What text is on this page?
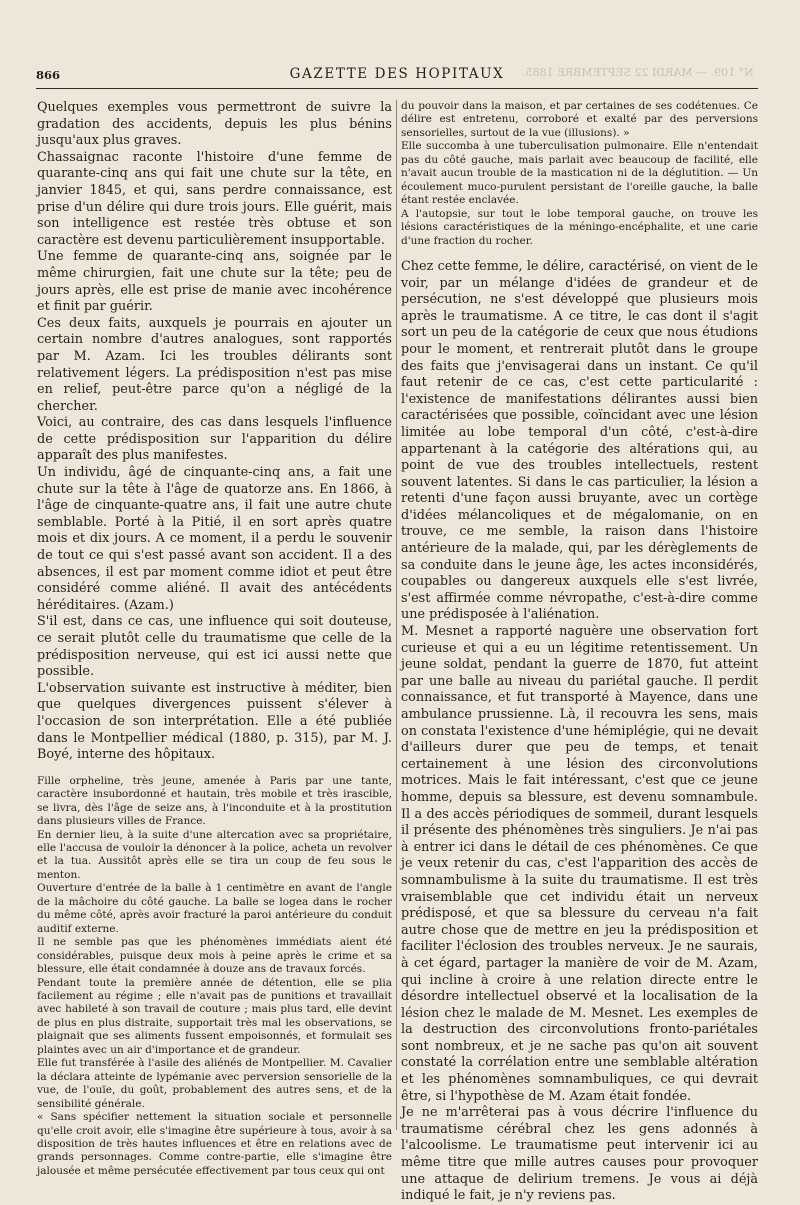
866	GAZETTE DES HOPITAUX	N° 109. — MARDI 22 SEPTEMBRE 1885.

Quelques exemples vous permettront de suivre la gradation des accidents, depuis les plus bénins jusqu'aux plus graves.

Chassaignac raconte l'histoire d'une femme de quarante-cinq ans qui fait une chute sur la tête, en janvier 1845, et qui, sans perdre connaissance, est prise d'un délire qui dure trois jours. Elle guérit, mais son intelligence est restée très obtuse et son caractère est devenu particulièrement insupportable.

Une femme de quarante-cinq ans, soignée par le même chirurgien, fait une chute sur la tête; peu de jours après, elle est prise de manie avec incohérence et finit par guérir.

Ces deux faits, auxquels je pourrais en ajouter un certain nombre d'autres analogues, sont rapportés par M. Azam. Ici les troubles délirants sont relativement légers. La prédisposition n'est pas mise en relief, peut-être parce qu'on a négligé de la chercher.

Voici, au contraire, des cas dans lesquels l'influence de cette prédisposition sur l'apparition du délire apparaît des plus manifestes.

Un individu, âgé de cinquante-cinq ans, a fait une chute sur la tête à l'âge de quatorze ans. En 1866, à l'âge de cinquante-quatre ans, il fait une autre chute semblable. Porté à la Pitié, il en sort après quatre mois et dix jours. A ce moment, il a perdu le souvenir de tout ce qui s'est passé avant son accident. Il a des absences, il est par moment comme idiot et peut être considéré comme aliéné. Il avait des antécédents héréditaires. (Azam.)

S'il est, dans ce cas, une influence qui soit douteuse, ce serait plutôt celle du traumatisme que celle de la prédisposition nerveuse, qui est ici aussi nette que possible.

L'observation suivante est instructive à méditer, bien que quelques divergences puissent s'élever à l'occasion de son interprétation. Elle a été publiée dans le Montpellier médical (1880, p. 315), par M. J. Boyé, interne des hôpitaux.

Fille orpheline, très jeune, amenée à Paris par une tante, caractère insubordonné et hautain, très mobile et très irascible, se livra, dès l'âge de seize ans, à l'inconduite et à la prostitution dans plusieurs villes de France.

En dernier lieu, à la suite d'une altercation avec sa propriétaire, elle l'accusa de vouloir la dénoncer à la police, acheta un revolver et la tua. Aussitôt après elle se tira un coup de feu sous le menton.

Ouverture d'entrée de la balle à 1 centimètre en avant de l'angle de la mâchoire du côté gauche. La balle se logea dans le rocher du même côté, après avoir fracturé la paroi antérieure du conduit auditif externe.

Il ne semble pas que les phénomènes immédiats aient été considérables, puisque deux mois à peine après le crime et sa blessure, elle était condamnée à douze ans de travaux forcés.

Pendant toute la première année de détention, elle se plia facilement au régime ; elle n'avait pas de punitions et travaillait avec habileté à son travail de couture ; mais plus tard, elle devint de plus en plus distraite, supportait très mal les observations, se plaignait que ses aliments fussent empoisonnés, et formulait ses plaintes avec un air d'importance et de grandeur.

Elle fut transférée à l'asile des aliénés de Montpellier. M. Cavalier la déclara atteinte de lypémanie avec perversion sensorielle de la vue, de l'ouïe, du goût, probablement des autres sens, et de la sensibilité générale.

« Sans spécifier nettement la situation sociale et personnelle qu'elle croit avoir, elle s'imagine être supérieure à tous, avoir à sa disposition de très hautes influences et être en relations avec de grands personnages. Comme contre-partie, elle s'imagine être jalousée et même persécutée effectivement par tous ceux qui ont

du pouvoir dans la maison, et par certaines de ses codétenues. Ce délire est entretenu, corroboré et exalté par des perversions sensorielles, surtout de la vue (illusions). »

Elle succomba à une tuberculisation pulmonaire. Elle n'entendait pas du côté gauche, mais parlait avec beaucoup de facilité, elle n'avait aucun trouble de la mastication ni de la déglutition. — Un écoulement muco-purulent persistant de l'oreille gauche, la balle étant restée enclavée.

A l'autopsie, sur tout le lobe temporal gauche, on trouve les lésions caractéristiques de la méningo-encéphalite, et une carie d'une fraction du rocher.

Chez cette femme, le délire, caractérisé, on vient de le voir, par un mélange d'idées de grandeur et de persécution, ne s'est développé que plusieurs mois après le traumatisme. A ce titre, le cas dont il s'agit sort un peu de la catégorie de ceux que nous étudions pour le moment, et rentrerait plutôt dans le groupe des faits que j'envisagerai dans un instant. Ce qu'il faut retenir de ce cas, c'est cette particularité : l'existence de manifestations délirantes aussi bien caractérisées que possible, coïncidant avec une lésion limitée au lobe temporal d'un côté, c'est-à-dire appartenant à la catégorie des altérations qui, au point de vue des troubles intellectuels, restent souvent latentes. Si dans le cas particulier, la lésion a retenti d'une façon aussi bruyante, avec un cortège d'idées mélancoliques et de mégalomanie, on en trouve, ce me semble, la raison dans l'histoire antérieure de la malade, qui, par les dérèglements de sa conduite dans le jeune âge, les actes inconsidérés, coupables ou dangereux auxquels elle s'est livrée, s'est affirmée comme névropathe, c'est-à-dire comme une prédisposée à l'aliénation.

M. Mesnet a rapporté naguère une observation fort curieuse et qui a eu un légitime retentissement. Un jeune soldat, pendant la guerre de 1870, fut atteint par une balle au niveau du pariétal gauche. Il perdit connaissance, et fut transporté à Mayence, dans une ambulance prussienne. Là, il recouvra les sens, mais on constata l'existence d'une hémiplégie, qui ne devait d'ailleurs durer que peu de temps, et tenait certainement à une lésion des circonvolutions motrices. Mais le fait intéressant, c'est que ce jeune homme, depuis sa blessure, est devenu somnambule. Il a des accès périodiques de sommeil, durant lesquels il présente des phénomènes très singuliers. Je n'ai pas à entrer ici dans le détail de ces phénomènes. Ce que je veux retenir du cas, c'est l'apparition des accès de somnambulisme à la suite du traumatisme. Il est très vraisemblable que cet individu était un nerveux prédisposé, et que sa blessure du cerveau n'a fait autre chose que de mettre en jeu la prédisposition et faciliter l'éclosion des troubles nerveux. Je ne saurais, à cet égard, partager la manière de voir de M. Azam, qui incline à croire à une relation directe entre le désordre intellectuel observé et la localisation de la lésion chez le malade de M. Mesnet. Les exemples de la destruction des circonvolutions fronto-pariétales sont nombreux, et je ne sache pas qu'on ait souvent constaté la corrélation entre une semblable altération et les phénomènes somnambuliques, ce qui devrait être, si l'hypothèse de M. Azam était fondée.

Je ne m'arrêterai pas à vous décrire l'influence du traumatisme cérébral chez les gens adonnés à l'alcoolisme. Le traumatisme peut intervenir ici au même titre que mille autres causes pour provoquer une attaque de delirium tremens. Je vous ai déjà indiqué le fait, je n'y reviens pas.
